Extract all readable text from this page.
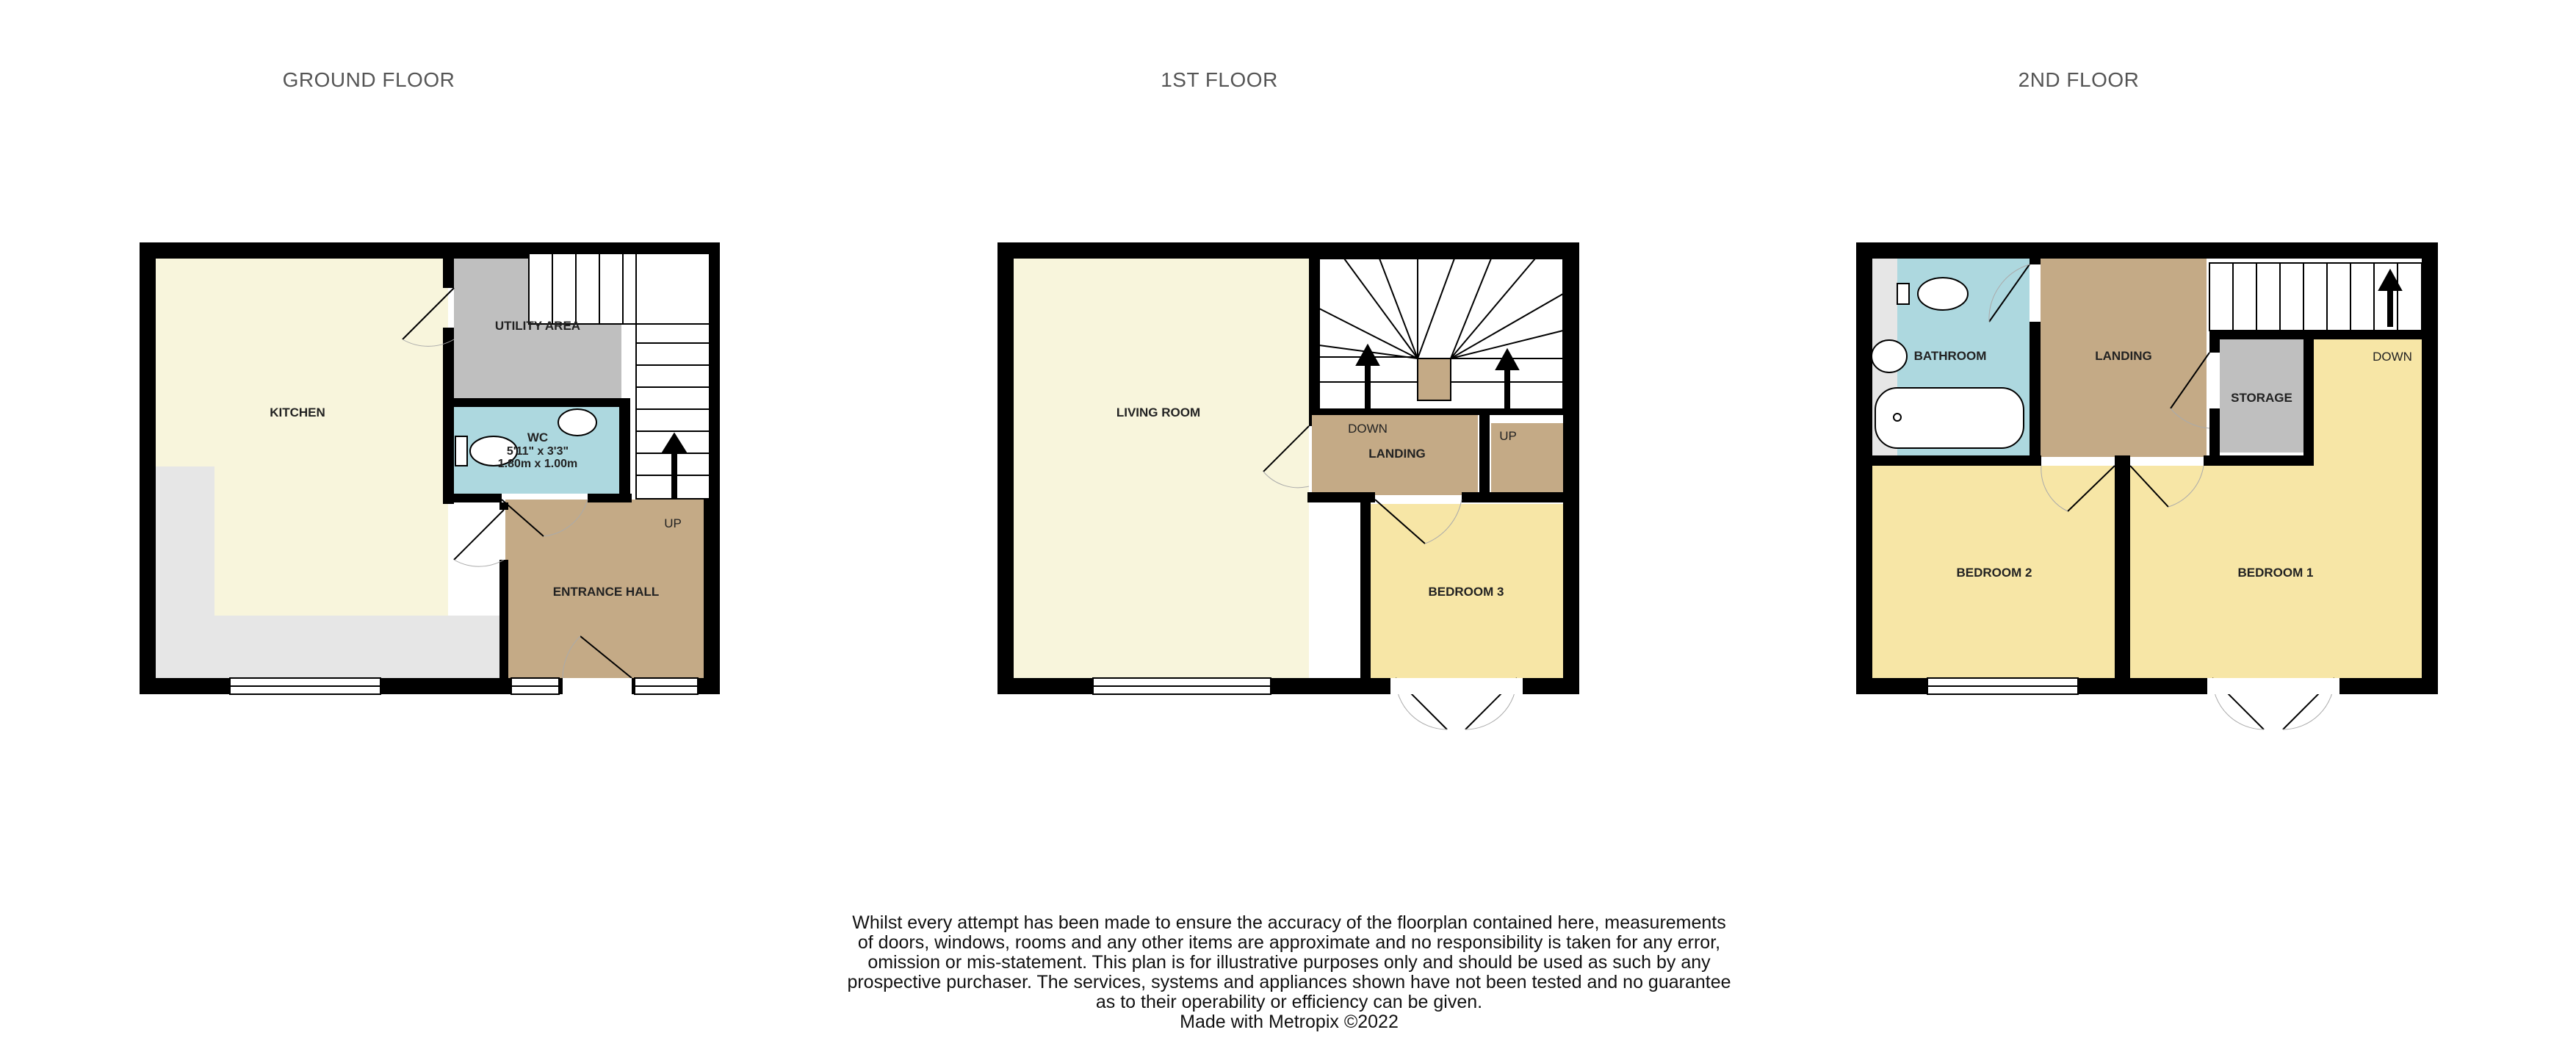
GROUND FLOOR
KITCHEN
UTILITY AREA
WC
5'11" x 3'3"
1.80m x 1.00m
ENTRANCE HALL
UP
1ST FLOOR
LIVING ROOM
LANDING
DOWN
UP
BEDROOM 3
2ND FLOOR
BATHROOM	LANDING
STORAGE
DOWN
BEDROOM 2	BEDROOM 1
Whilst every attempt has been made to ensure the accuracy of the floorplan contained here, measurements
of doors, windows, rooms and any other items are approximate and no responsibility is taken for any error,
omission or mis-statement. This plan is for illustrative purposes only and should be used as such by any
prospective purchaser. The services, systems and appliances shown have not been tested and no guarantee
as to their operability or efficiency can be given.
Made with Metropix ©2022
